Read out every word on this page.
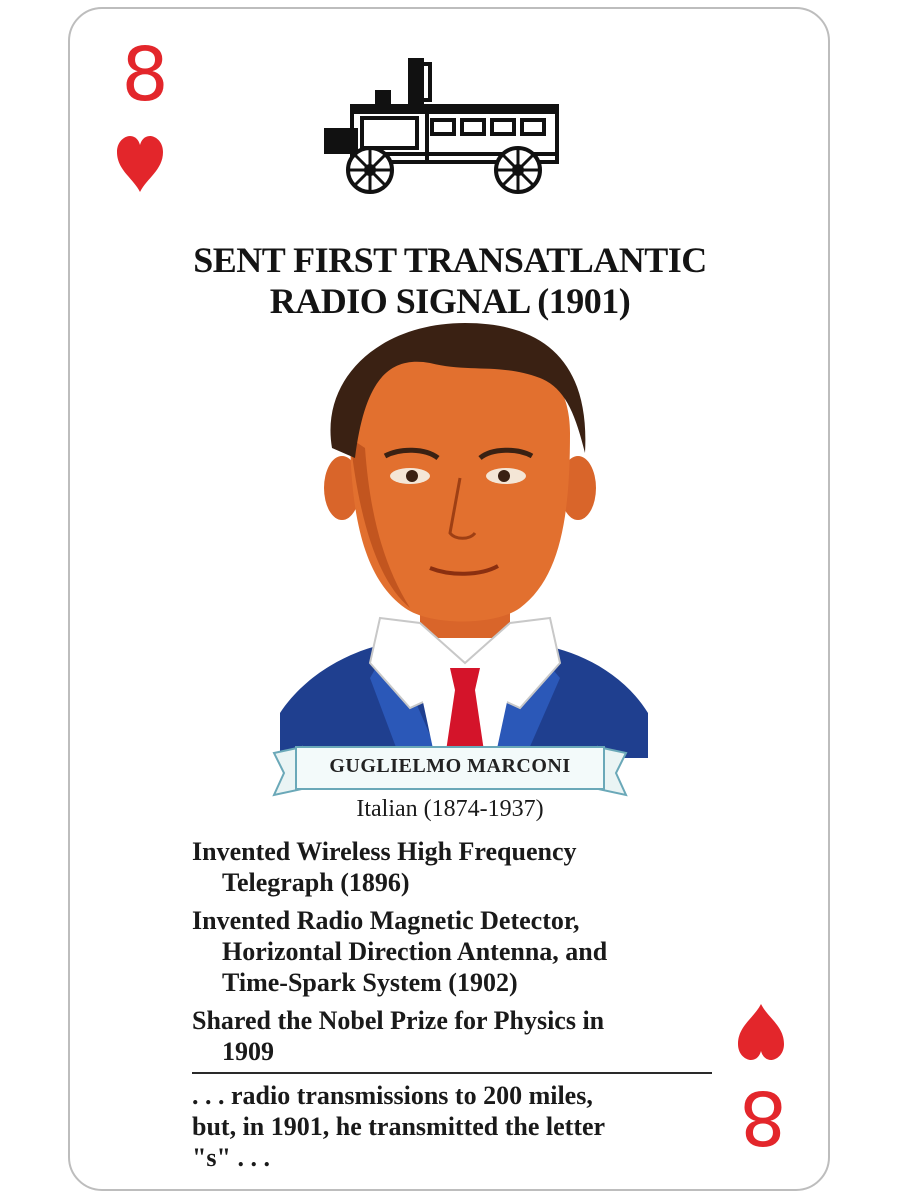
8
8
SENT FIRST TRANSATLANTIC
RADIO SIGNAL (1901)
GUGLIELMO MARCONI
Italian (1874-1937)
Invented Wireless High Frequency
Telegraph (1896)
Invented Radio Magnetic Detector,
Horizontal Direction Antenna, and
Time-Spark System (1902)
Shared the Nobel Prize for Physics in
1909
. . . radio transmissions to 200 miles,
but, in 1901, he transmitted the letter
"s" . . .
